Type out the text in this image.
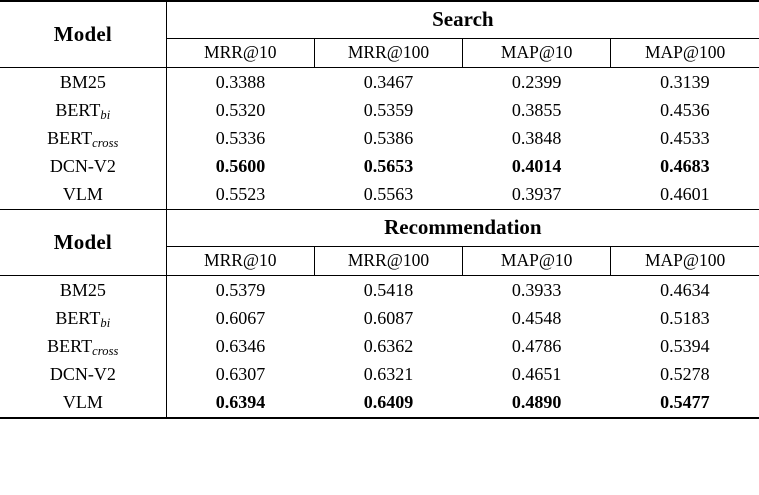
Model	Search			

	MRR@10	MRR@100	MAP@10	MAP@100

BM25	0.3388	0.3467	0.2399	0.3139

$BERT_{bi}$	0.5320	0.5359	0.3855	0.4536

$BERT_{cross}$	0.5336	0.5386	0.3848	0.4533

DCN-V2	0.5600	0.5653	0.4014	0.4683

VLM	0.5523	0.5563	0.3937	0.4601

Model	Recommendation			

	MRR@10	MRR@100	MAP@10	MAP@100

BM25	0.5379	0.5418	0.3933	0.4634

$BERT_{bi}$	0.6067	0.6087	0.4548	0.5183

$BERT_{cross}$	0.6346	0.6362	0.4786	0.5394

DCN-V2	0.6307	0.6321	0.4651	0.5278

VLM	0.6394	0.6409	0.4890	0.5477
